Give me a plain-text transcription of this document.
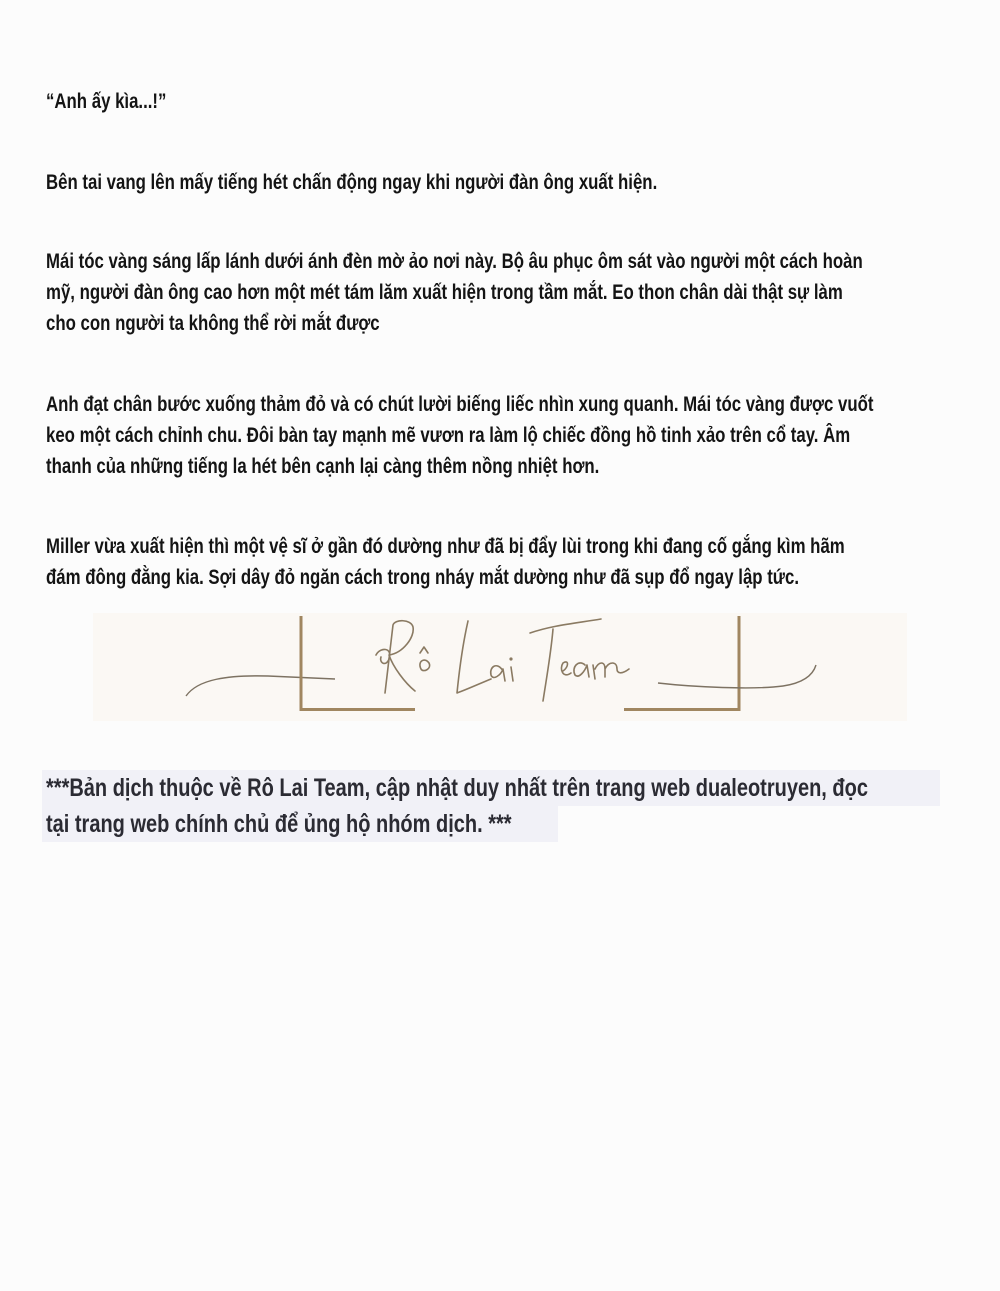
“Anh ấy kìa...!”
Bên tai vang lên mấy tiếng hét chấn động ngay khi người đàn ông xuất hiện.
Mái tóc vàng sáng lấp lánh dưới ánh đèn mờ ảo nơi này. Bộ âu phục ôm sát vào người một cách hoàn
mỹ, người đàn ông cao hơn một mét tám lăm xuất hiện trong tầm mắt. Eo thon chân dài thật sự làm
cho con người ta không thể rời mắt được
Anh đạt chân bước xuống thảm đỏ và có chút lười biếng liếc nhìn xung quanh. Mái tóc vàng được vuốt
keo một cách chỉnh chu. Đôi bàn tay mạnh mẽ vươn ra làm lộ chiếc đồng hồ tinh xảo trên cổ tay. Âm
thanh của những tiếng la hét bên cạnh lại càng thêm nồng nhiệt hơn.
Miller vừa xuất hiện thì một vệ sĩ ở gần đó dường như đã bị đẩy lùi trong khi đang cố gắng kìm hãm
đám đông đằng kia. Sợi dây đỏ ngăn cách trong nháy mắt dường như đã sụp đổ ngay lập tức.
***Bản dịch thuộc về Rô Lai Team, cập nhật duy nhất trên trang web dualeotruyen, đọc
tại trang web chính chủ để ủng hộ nhóm dịch. ***
